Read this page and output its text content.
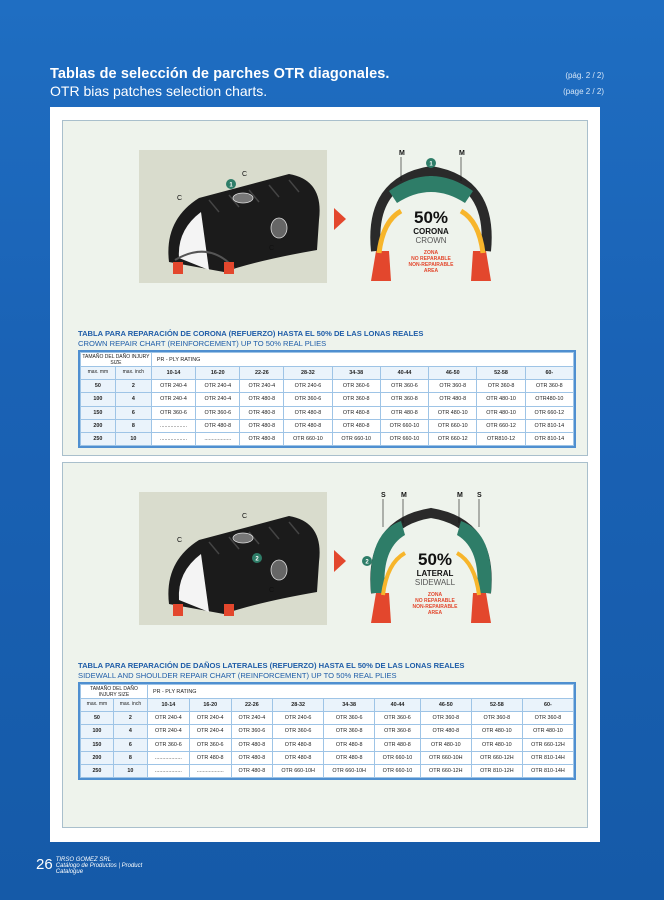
Tablas de selección de parches OTR diagonales.
OTR bias patches selection charts.
(pág. 2 / 2)
(page 2 / 2)
1
C
C
C
1
M	M
50%
CORONA
CROWN
ZONA
NO REPARABLE
NON-REPAIRABLE
AREA
TABLA PARA REPARACIÓN DE CORONA (REFUERZO) HASTA EL 50% DE LAS LONAS REALES
CROWN REPAIR CHART (REINFORCEMENT) UP TO 50% REAL PLIES
TAMAÑO DEL DAÑO INJURY SIZE		PR - PLY RATING								
max. mm	max. inch	10-14	16-20	22-26	28-32	34-38	40-44	46-50	52-58	60-
50	2	OTR 240-4	OTR 240-4	OTR 240-4	OTR 240-6	OTR 360-6	OTR 360-6	OTR 360-8	OTR 360-8	OTR 360-8
100	4	OTR 240-4	OTR 240-4	OTR 480-8	OTR 360-6	OTR 360-8	OTR 360-8	OTR 480-8	OTR 480-10	OTR480-10
150	6	OTR 360-6	OTR 360-6	OTR 480-8	OTR 480-8	OTR 480-8	OTR 480-8	OTR 480-10	OTR 480-10	OTR 660-12
200	8	..................	OTR 480-8	OTR 480-8	OTR 480-8	OTR 480-8	OTR 660-10	OTR 660-10	OTR 660-12	OTR 810-14
250	10	..................	..................	OTR 480-8	OTR 660-10	OTR 660-10	OTR 660-10	OTR 660-12	OTR810-12	OTR 810-14
2
C
C
C
2
S M	M S
50%
LATERAL
SIDEWALL
ZONA
NO REPARABLE
NON-REPAIRABLE
AREA
TABLA PARA REPARACIÓN DE DAÑOS LATERALES (REFUERZO) HASTA EL 50% DE LAS LONAS REALES
SIDEWALL AND SHOULDER REPAIR CHART (REINFORCEMENT) UP TO 50% REAL PLIES
TAMAÑO DEL DAÑO INJURY SIZE		PR - PLY RATING								
max. mm	max. inch	10-14	16-20	22-26	28-32	34-38	40-44	46-50	52-58	60-
50	2	OTR 240-4	OTR 240-4	OTR 240-4	OTR 240-6	OTR 360-6	OTR 360-6	OTR 360-8	OTR 360-8	OTR 360-8
100	4	OTR 240-4	OTR 240-4	OTR 360-6	OTR 360-6	OTR 360-8	OTR 360-8	OTR 480-8	OTR 480-10	OTR 480-10
150	6	OTR 360-6	OTR 360-6	OTR 480-8	OTR 480-8	OTR 480-8	OTR 480-8	OTR 480-10	OTR 480-10	OTR 660-12H
200	8	..................	OTR 480-8	OTR 480-8	OTR 480-8	OTR 480-8	OTR 660-10	OTR 660-10H	OTR 660-12H	OTR 810-14H
250	10	..................	..................	OTR 480-8	OTR 660-10H	OTR 660-10H	OTR 660-10	OTR 660-12H	OTR 810-12H	OTR 810-14H
26 TIRSO GOMEZ SRL
Catálogo de Productos | Product Catalogue
